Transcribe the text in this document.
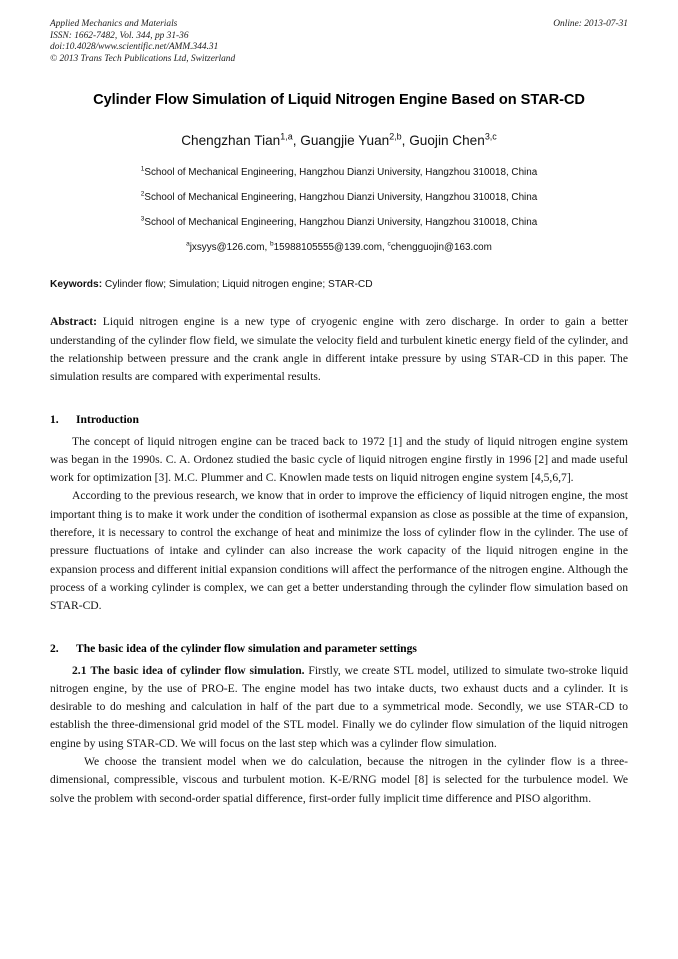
Applied Mechanics and Materials
ISSN: 1662-7482, Vol. 344, pp 31-36
doi:10.4028/www.scientific.net/AMM.344.31
© 2013 Trans Tech Publications Ltd, Switzerland
Online: 2013-07-31
Cylinder Flow Simulation of Liquid Nitrogen Engine Based on STAR-CD
Chengzhan Tian$^{1,a}$, Guangjie Yuan$^{2,b}$, Guojin Chen$^{3,c}$
$^1$School of Mechanical Engineering, Hangzhou Dianzi University, Hangzhou 310018, China
$^2$School of Mechanical Engineering, Hangzhou Dianzi University, Hangzhou 310018, China
$^3$School of Mechanical Engineering, Hangzhou Dianzi University, Hangzhou 310018, China
$^a$jxsyys@126.com, $^b$15988105555@139.com, $^c$chengguojin@163.com
Keywords: Cylinder flow; Simulation; Liquid nitrogen engine; STAR-CD
Abstract: Liquid nitrogen engine is a new type of cryogenic engine with zero discharge. In order to gain a better understanding of the cylinder flow field, we simulate the velocity field and turbulent kinetic energy field of the cylinder, and the relationship between pressure and the crank angle in different intake pressure by using STAR-CD in this paper. The simulation results are compared with experimental results.
1. Introduction
The concept of liquid nitrogen engine can be traced back to 1972 [1] and the study of liquid nitrogen engine system was began in the 1990s. C. A. Ordonez studied the basic cycle of liquid nitrogen engine firstly in 1996 [2] and made useful work for optimization [3]. M.C. Plummer and C. Knowlen made tests on liquid nitrogen engine system [4,5,6,7].
According to the previous research, we know that in order to improve the efficiency of liquid nitrogen engine, the most important thing is to make it work under the condition of isothermal expansion as close as possible at the time of expansion, therefore, it is necessary to control the exchange of heat and minimize the loss of cylinder flow in the cylinder. The use of pressure fluctuations of intake and cylinder can also increase the work capacity of the liquid nitrogen engine in the expansion process and different initial expansion conditions will affect the performance of the nitrogen engine. Although the process of a working cylinder is complex, we can get a better understanding through the cylinder flow simulation based on STAR-CD.
2. The basic idea of the cylinder flow simulation and parameter settings
2.1 The basic idea of cylinder flow simulation. Firstly, we create STL model, utilized to simulate two-stroke liquid nitrogen engine, by the use of PRO-E. The engine model has two intake ducts, two exhaust ducts and a cylinder. It is desirable to do meshing and calculation in half of the part due to a symmetrical mode. Secondly, we use STAR-CD to establish the three-dimensional grid model of the STL model. Finally we do cylinder flow simulation of the liquid nitrogen engine by using STAR-CD. We will focus on the last step which was a cylinder flow simulation.
We choose the transient model when we do calculation, because the nitrogen in the cylinder flow is a three-dimensional, compressible, viscous and turbulent motion. K-E/RNG model [8] is selected for the turbulence model. We solve the problem with second-order spatial difference, first-order fully implicit time difference and PISO algorithm.
